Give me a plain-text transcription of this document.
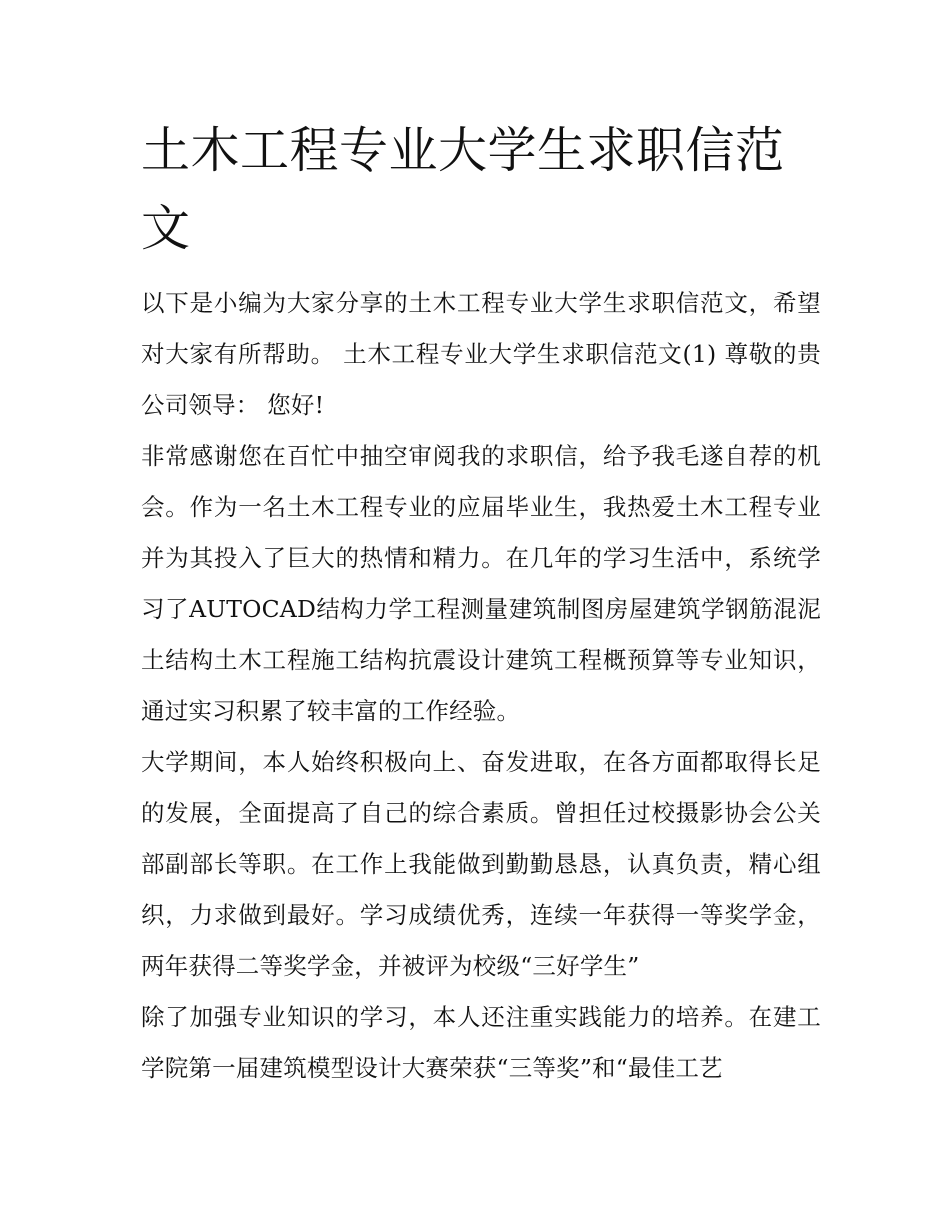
土木工程专业大学生求职信范文

以下是小编为大家分享的土木工程专业大学生求职信范文，希望对大家有所帮助。 土木工程专业大学生求职信范文(1) 尊敬的贵公司领导： 您好!

非常感谢您在百忙中抽空审阅我的求职信，给予我毛遂自荐的机会。作为一名土木工程专业的应届毕业生，我热爱土木工程专业并为其投入了巨大的热情和精力。在几年的学习生活中，系统学习了AUTOCAD结构力学工程测量建筑制图房屋建筑学钢筋混泥土结构土木工程施工结构抗震设计建筑工程概预算等专业知识，通过实习积累了较丰富的工作经验。

大学期间，本人始终积极向上、奋发进取，在各方面都取得长足的发展，全面提高了自己的综合素质。曾担任过校摄影协会公关部副部长等职。在工作上我能做到勤勤恳恳，认真负责，精心组织，力求做到最好。学习成绩优秀，连续一年获得一等奖学金，两年获得二等奖学金，并被评为校级“三好学生”

除了加强专业知识的学习，本人还注重实践能力的培养。在建工学院第一届建筑模型设计大赛荣获“三等奖”和“最佳工艺
